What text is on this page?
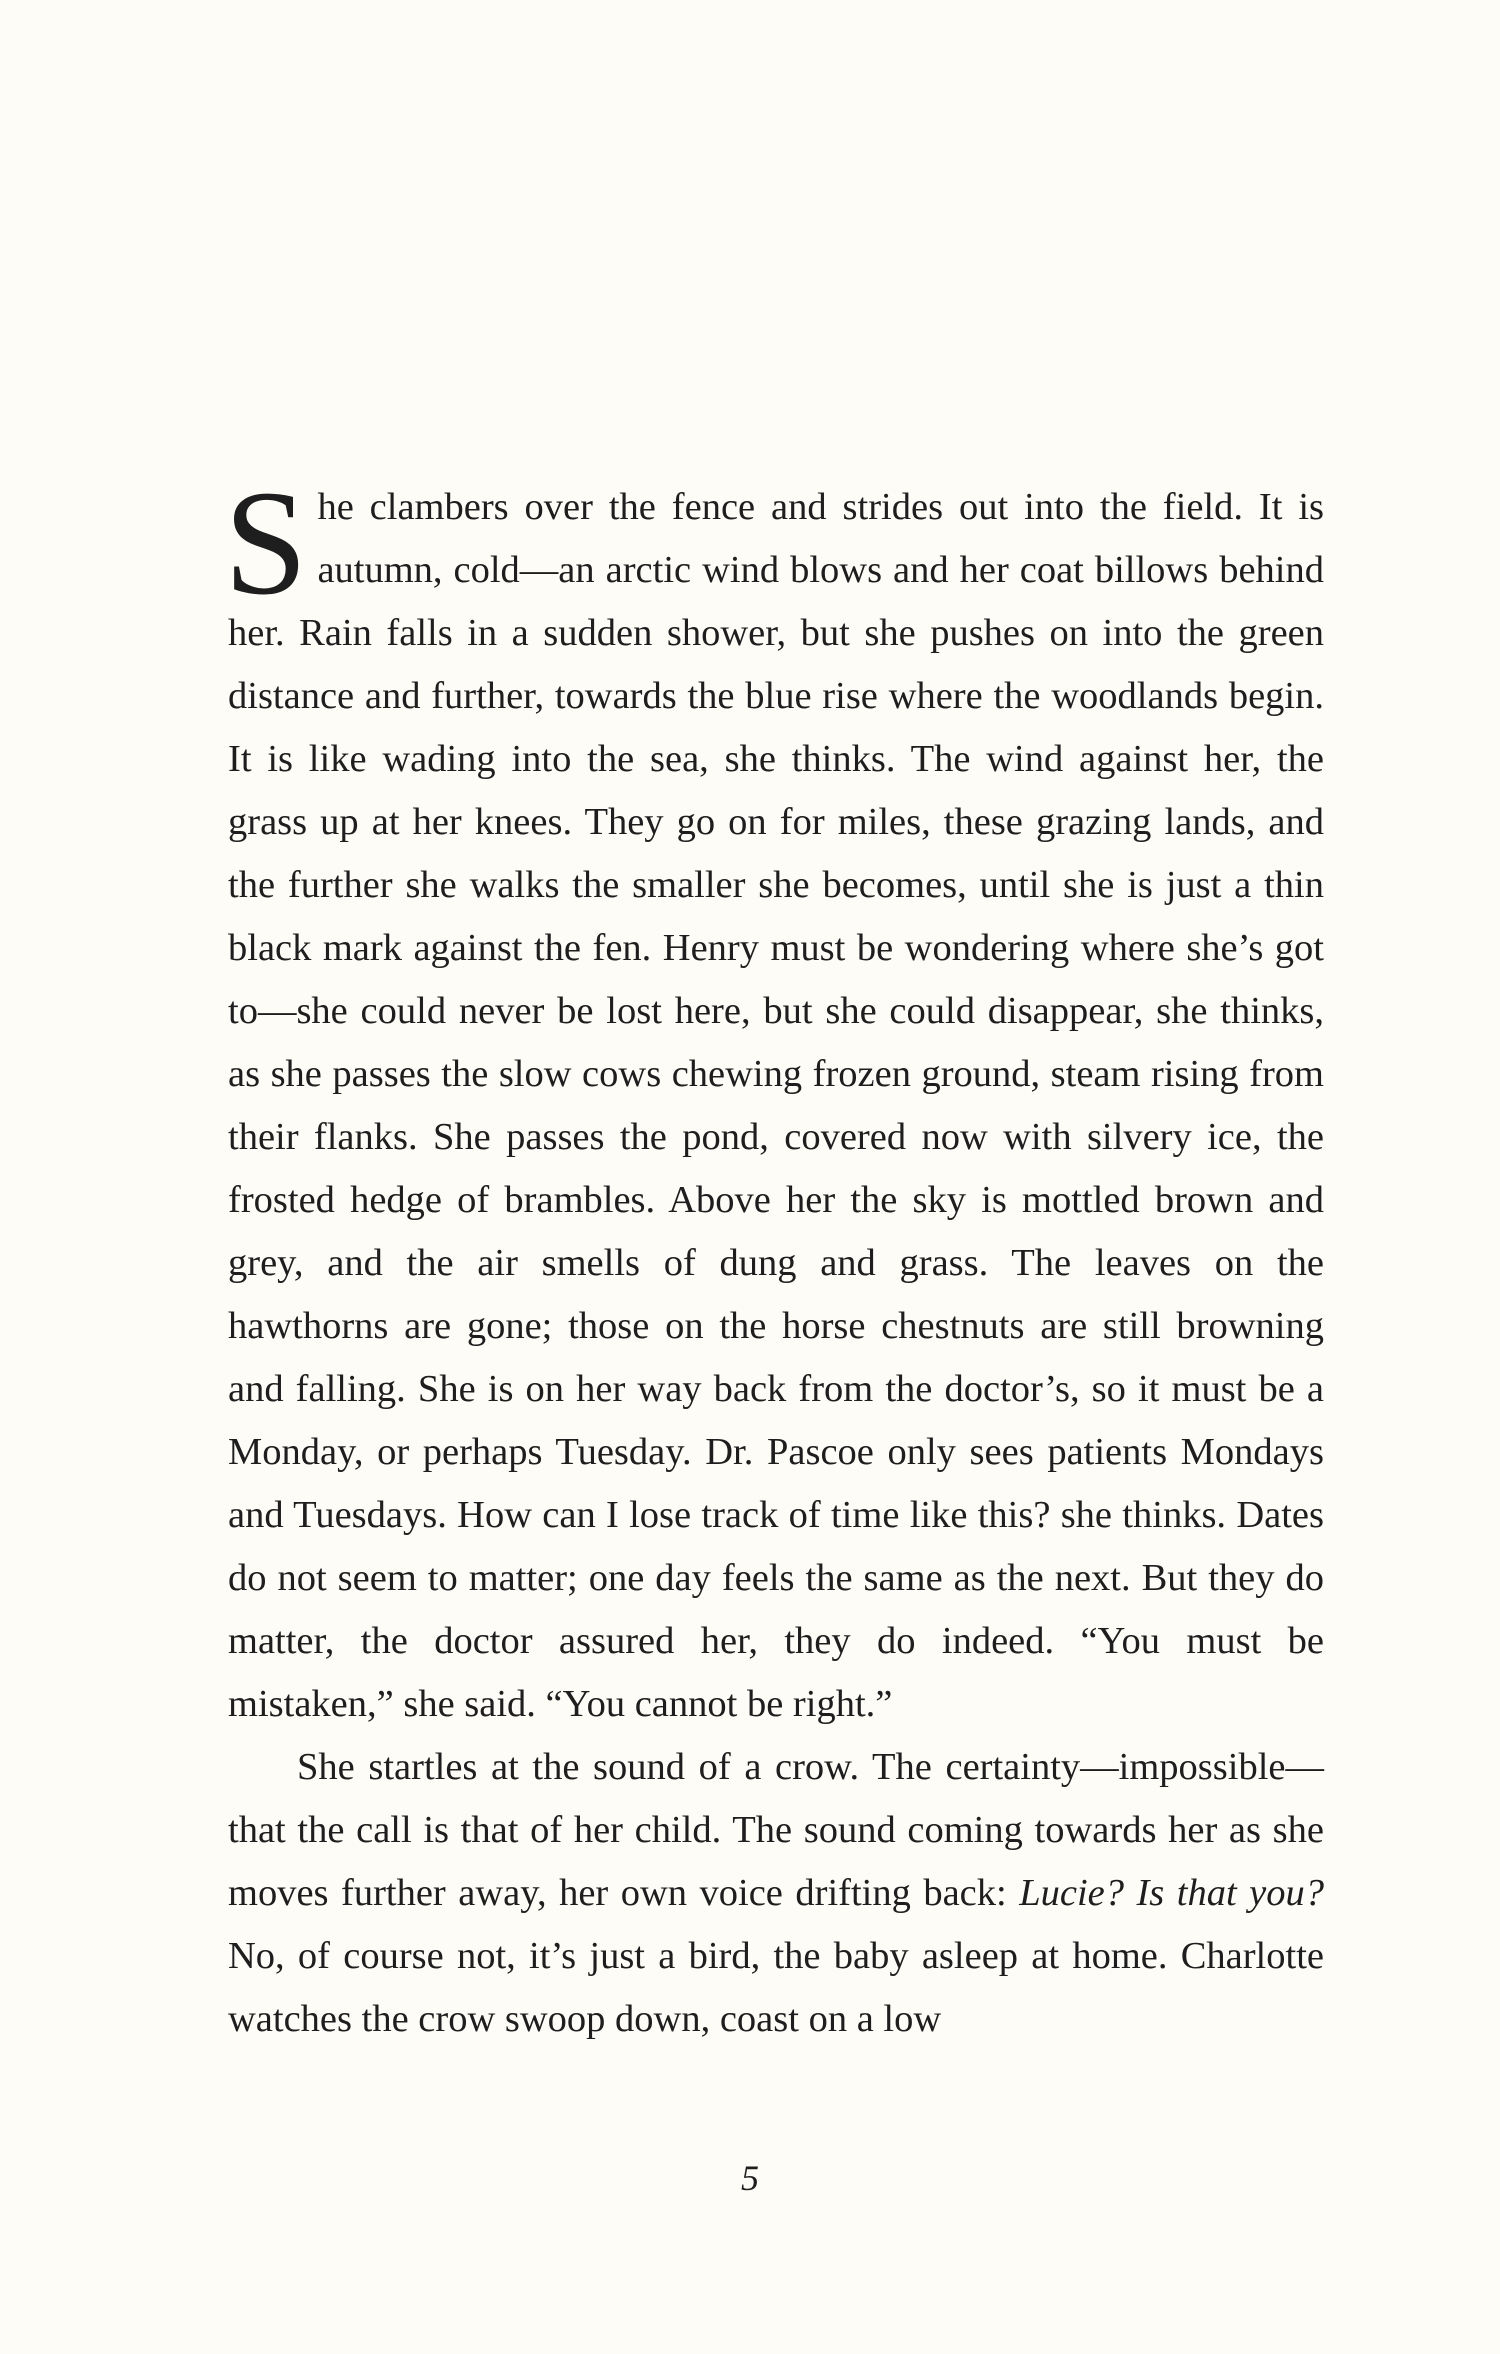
She clambers over the fence and strides out into the field. It is autumn, cold—an arctic wind blows and her coat billows behind her. Rain falls in a sudden shower, but she pushes on into the green distance and further, towards the blue rise where the woodlands begin. It is like wading into the sea, she thinks. The wind against her, the grass up at her knees. They go on for miles, these grazing lands, and the further she walks the smaller she becomes, until she is just a thin black mark against the fen. Henry must be wondering where she’s got to—she could never be lost here, but she could disappear, she thinks, as she passes the slow cows chewing frozen ground, steam rising from their flanks. She passes the pond, covered now with silvery ice, the frosted hedge of brambles. Above her the sky is mottled brown and grey, and the air smells of dung and grass. The leaves on the hawthorns are gone; those on the horse chestnuts are still browning and falling. She is on her way back from the doctor’s, so it must be a Monday, or perhaps Tuesday. Dr. Pascoe only sees patients Mondays and Tuesdays. How can I lose track of time like this? she thinks. Dates do not seem to matter; one day feels the same as the next. But they do matter, the doctor assured her, they do indeed. “You must be mistaken,” she said. “You cannot be right.”

She startles at the sound of a crow. The certainty—impossible—that the call is that of her child. The sound coming towards her as she moves further away, her own voice drifting back: Lucie? Is that you? No, of course not, it’s just a bird, the baby asleep at home. Charlotte watches the crow swoop down, coast on a low

5
